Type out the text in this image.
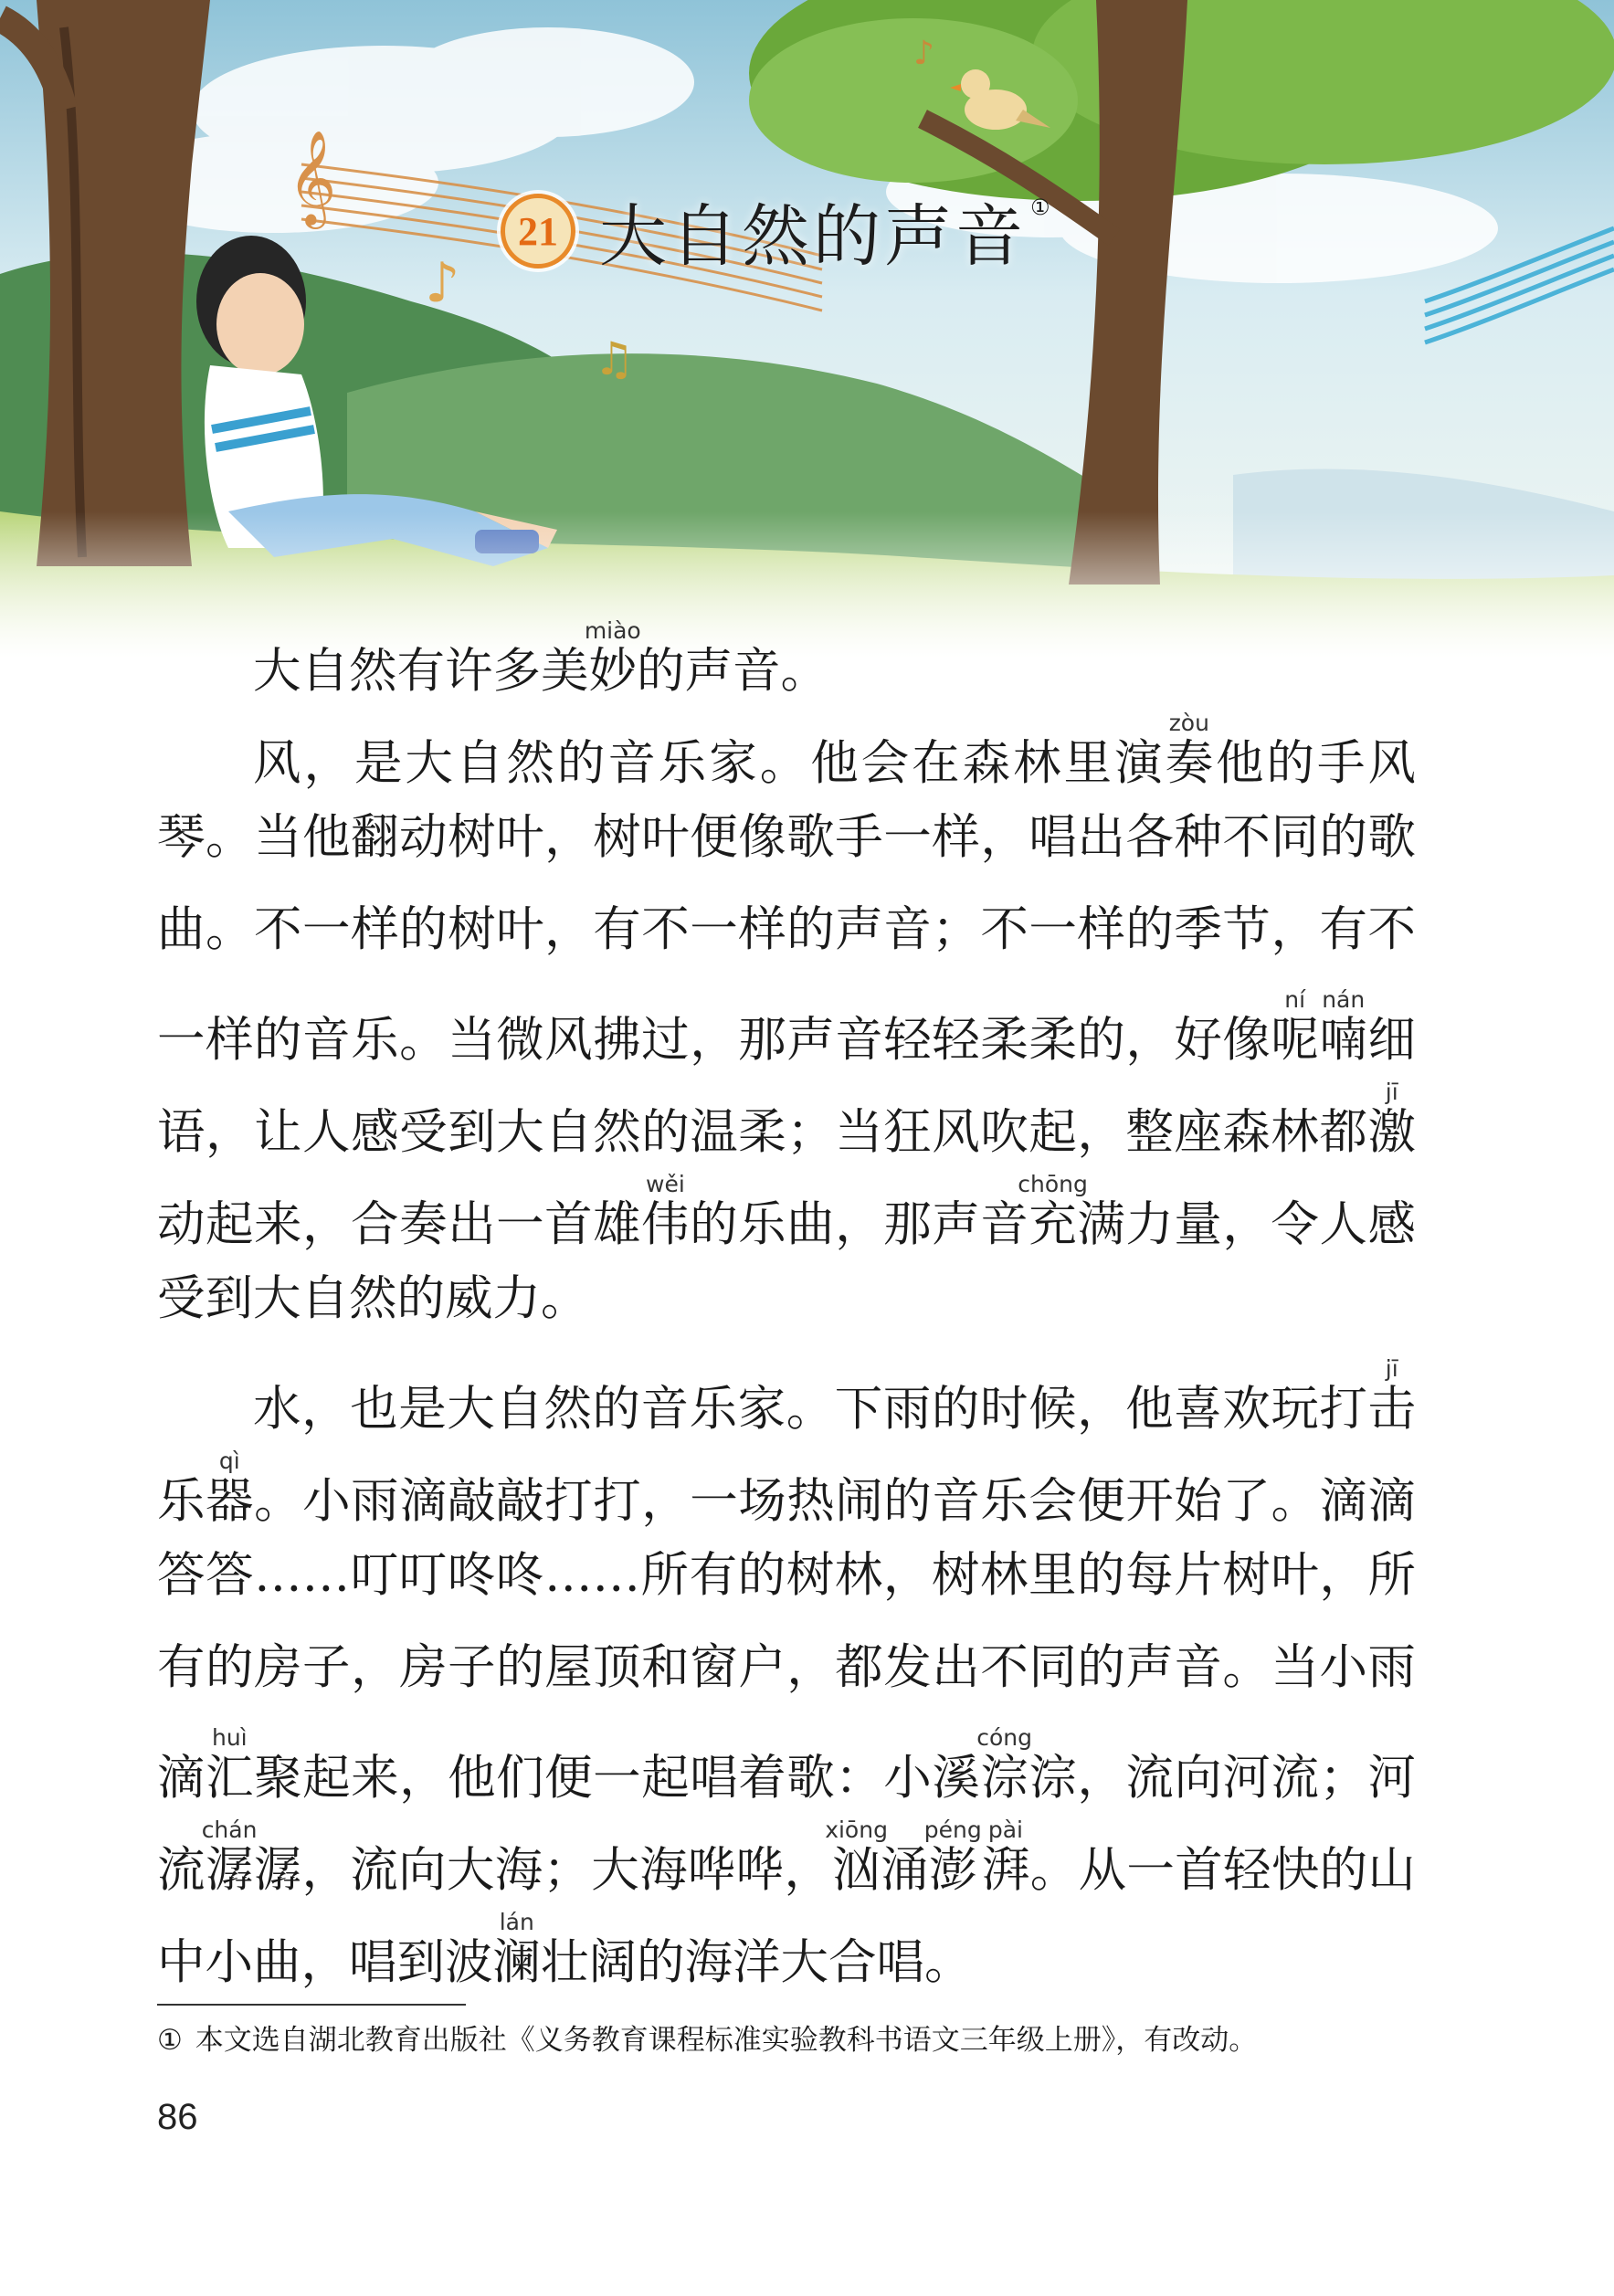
𝄞
♪
♫
♪
21 大自然的声音 ①
大自然有许多美妙miào的声音。
风，是大自然的音乐家。他会在森林里演奏zòu他的手风
琴。当他翻动树叶，树叶便像歌手一样，唱出各种不同的歌
曲。不一样的树叶，有不一样的声音；不一样的季节，有不
一样的音乐。当微风拂过，那声音轻轻柔柔的，好像呢ní喃nán细
语，让人感受到大自然的温柔；当狂风吹起，整座森林都激jī
动起来，合奏出一首雄伟wěi的乐曲，那声音充chōng满力量，令人感
受到大自然的威力。
水，也是大自然的音乐家。下雨的时候，他喜欢玩打击jī
乐器qì。小雨滴敲敲打打，一场热闹的音乐会便开始了。滴滴
答答……叮叮咚咚……所有的树林，树林里的每片树叶，所
有的房子，房子的屋顶和窗户，都发出不同的声音。当小雨
滴汇huì聚起来，他们便一起唱着歌：小溪淙cóng淙，流向河流；河
流潺chán潺，流向大海；大海哗哗，汹xiōng涌澎péng湃pài。从一首轻快的山
中小曲，唱到波澜lán壮阔的海洋大合唱。
① 本文选自湖北教育出版社《义务教育课程标准实验教科书语文三年级上册》，有改动。
86
